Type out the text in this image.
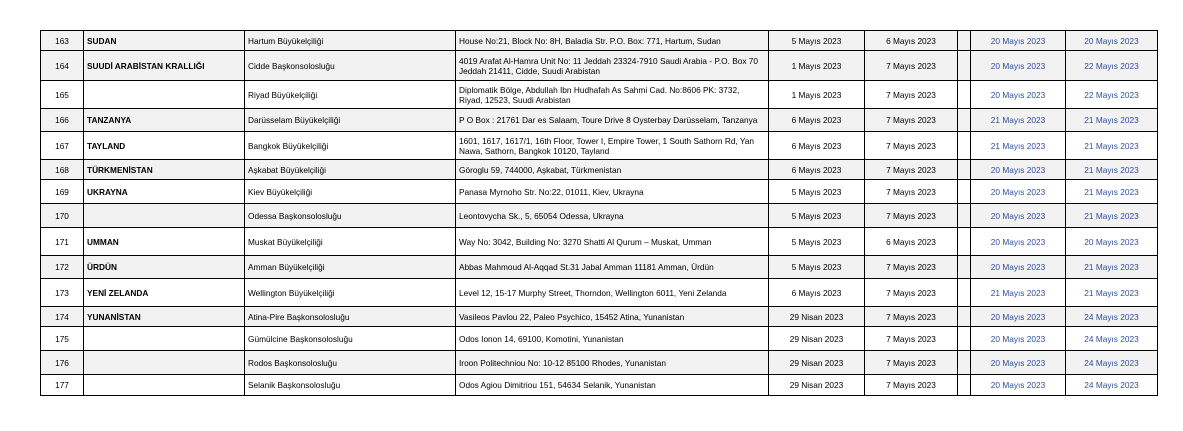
163	SUDAN	Hartum Büyükelçiliği	House No:21, Block No: 8H, Baladia Str. P.O. Box: 771, Hartum, Sudan	5 Mayıs 2023	6 Mayıs 2023		20 Mayıs 2023	20 Mayıs 2023
164	SUUDİ ARABİSTAN KRALLIĞI	Cidde Başkonsolosluğu	4019 Arafat Al-Hamra Unit No: 11 Jeddah 23324-7910 Saudi Arabia - P.O. Box 70 Jeddah 21411, Cidde, Suudi Arabistan	1 Mayıs 2023	7 Mayıs 2023		20 Mayıs 2023	22 Mayıs 2023
165		Riyad Büyükelçiliği	Diplomatik Bölge, Abdullah Ibn Hudhafah As Sahmi Cad. No:8606 PK: 3732, Riyad, 12523, Suudi Arabistan	1 Mayıs 2023	7 Mayıs 2023		20 Mayıs 2023	22 Mayıs 2023
166	TANZANYA	Darüsselam Büyükelçiliği	P O Box : 21761 Dar es Salaam, Toure Drive 8 Oysterbay Darüsselam, Tanzanya	6 Mayıs 2023	7 Mayıs 2023		21 Mayıs 2023	21 Mayıs 2023
167	TAYLAND	Bangkok Büyükelçiliği	1601, 1617, 1617/1, 16th Floor, Tower I, Empire Tower, 1 South Sathorn Rd, Yan Nawa, Sathorn, Bangkok 10120, Tayland	6 Mayıs 2023	7 Mayıs 2023		21 Mayıs 2023	21 Mayıs 2023
168	TÜRKMENİSTAN	Aşkabat Büyükelçiliği	Göroglu 59, 744000, Aşkabat, Türkmenistan	6 Mayıs 2023	7 Mayıs 2023		20 Mayıs 2023	21 Mayıs 2023
169	UKRAYNA	Kiev Büyükelçiliği	Panasa Myrnoho Str. No:22, 01011, Kiev, Ukrayna	5 Mayıs 2023	7 Mayıs 2023		20 Mayıs 2023	21 Mayıs 2023
170		Odessa Başkonsolosluğu	Leontovycha Sk., 5, 65054 Odessa, Ukrayna	5 Mayıs 2023	7 Mayıs 2023		20 Mayıs 2023	21 Mayıs 2023
171	UMMAN	Muskat Büyükelçiliği	Way No: 3042, Building No: 3270 Shatti Al Qurum – Muskat, Umman	5 Mayıs 2023	6 Mayıs 2023		20 Mayıs 2023	20 Mayıs 2023
172	ÜRDÜN	Amman Büyükelçiliği	Abbas Mahmoud Al-Aqqad St.31 Jabal Amman 11181 Amman, Ürdün	5 Mayıs 2023	7 Mayıs 2023		20 Mayıs 2023	21 Mayıs 2023
173	YENİ ZELANDA	Wellington Büyükelçiliği	Level 12, 15-17 Murphy Street, Thorndon, Wellington 6011, Yeni Zelanda	6 Mayıs 2023	7 Mayıs 2023		21 Mayıs 2023	21 Mayıs 2023
174	YUNANİSTAN	Atina-Pire Başkonsolosluğu	Vasileos Pavlou 22, Paleo Psychico, 15452 Atina, Yunanistan	29 Nisan 2023	7 Mayıs 2023		20 Mayıs 2023	24 Mayıs 2023
175		Gümülcine Başkonsolosluğu	Odos Ionon 14, 69100, Komotini, Yunanistan	29 Nisan 2023	7 Mayıs 2023		20 Mayıs 2023	24 Mayıs 2023
176		Rodos Başkonsolosluğu	Iroon Politechniou No: 10-12 85100 Rhodes, Yunanistan	29 Nisan 2023	7 Mayıs 2023		20 Mayıs 2023	24 Mayıs 2023
177		Selanik Başkonsolosluğu	Odos Agiou Dimitriou 151, 54634 Selanik, Yunanistan	29 Nisan 2023	7 Mayıs 2023		20 Mayıs 2023	24 Mayıs 2023
